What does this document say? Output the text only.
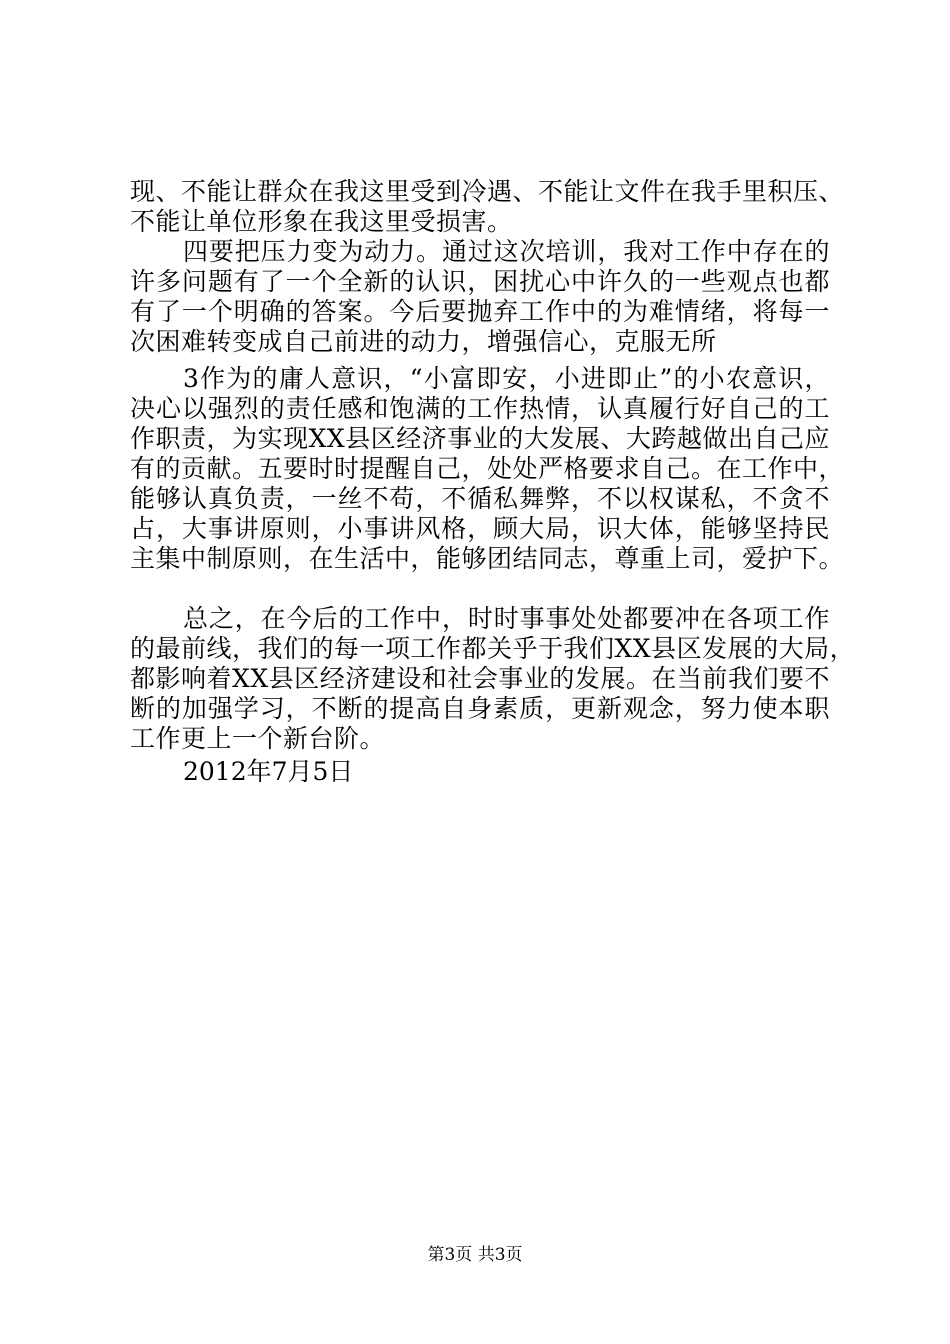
现、不能让群众在我这里受到冷遇、不能让文件在我手里积压、
不能让单位形象在我这里受损害。
四要把压力变为动力。通过这次培训，我对工作中存在的
许多问题有了一个全新的认识，困扰心中许久的一些观点也都
有了一个明确的答案。今后要抛弃工作中的为难情绪，将每一
次困难转变成自己前进的动力，增强信心，克服无所
3作为的庸人意识，“小富即安，小进即止”的小农意识，
决心以强烈的责任感和饱满的工作热情，认真履行好自己的工
作职责，为实现XX县区经济事业的大发展、大跨越做出自己应
有的贡献。五要时时提醒自己，处处严格要求自己。在工作中，
能够认真负责，一丝不苟，不循私舞弊，不以权谋私，不贪不
占，大事讲原则，小事讲风格，顾大局，识大体，能够坚持民
主集中制原则，在生活中，能够团结同志，尊重上司，爱护下。
总之，在今后的工作中，时时事事处处都要冲在各项工作
的最前线，我们的每一项工作都关乎于我们XX县区发展的大局，
都影响着XX县区经济建设和社会事业的发展。在当前我们要不
断的加强学习，不断的提高自身素质，更新观念，努力使本职
工作更上一个新台阶。
2012年7月5日
第3页 共3页
